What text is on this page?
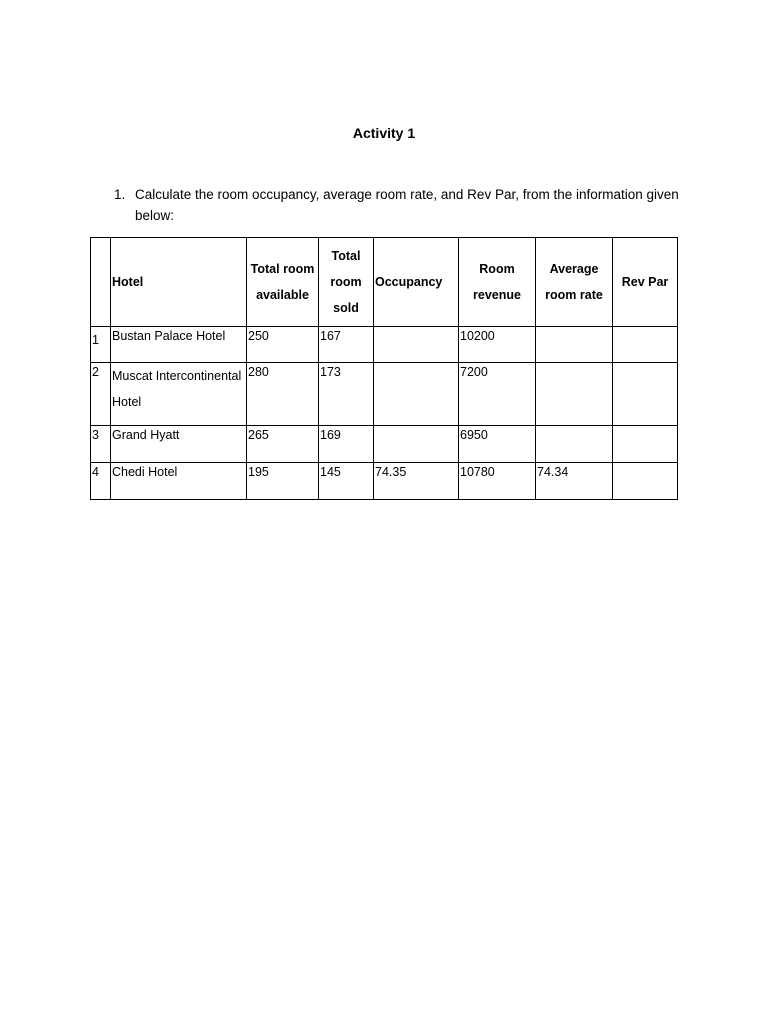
Activity 1
1. Calculate the room occupancy, average room rate, and Rev Par, from the information given below:
	Hotel	Total room available	Total room sold	Occupancy	Room revenue	Average room rate	Rev Par
1	Bustan Palace Hotel	250	167		10200		
2	Muscat Intercontinental Hotel	280	173		7200		
3	Grand Hyatt	265	169		6950		
4	Chedi Hotel	195	145	74.35	10780	74.34	
